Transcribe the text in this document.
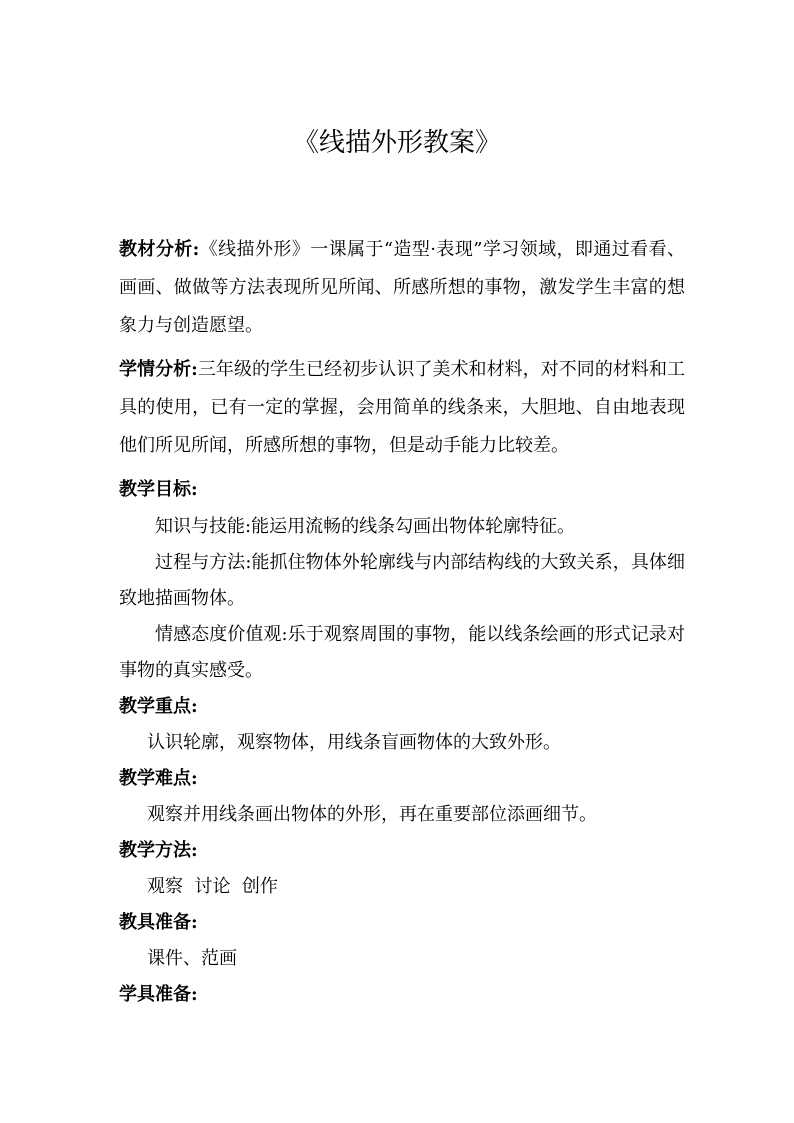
《线描外形教案》

教材分析:《线描外形》一课属于“造型·表现”学习领域，即通过看看、画画、做做等方法表现所见所闻、所感所想的事物，激发学生丰富的想象力与创造愿望。

学情分析:三年级的学生已经初步认识了美术和材料，对不同的材料和工具的使用，已有一定的掌握，会用简单的线条来，大胆地、自由地表现他们所见所闻，所感所想的事物，但是动手能力比较差。

教学目标:

知识与技能:能运用流畅的线条勾画出物体轮廓特征。

过程与方法:能抓住物体外轮廓线与内部结构线的大致关系，具体细致地描画物体。

情感态度价值观:乐于观察周围的事物，能以线条绘画的形式记录对事物的真实感受。

教学重点:

认识轮廓，观察物体，用线条盲画物体的大致外形。

教学难点:

观察并用线条画出物体的外形，再在重要部位添画细节。

教学方法:

观察  讨论  创作

教具准备:

课件、范画

学具准备:
